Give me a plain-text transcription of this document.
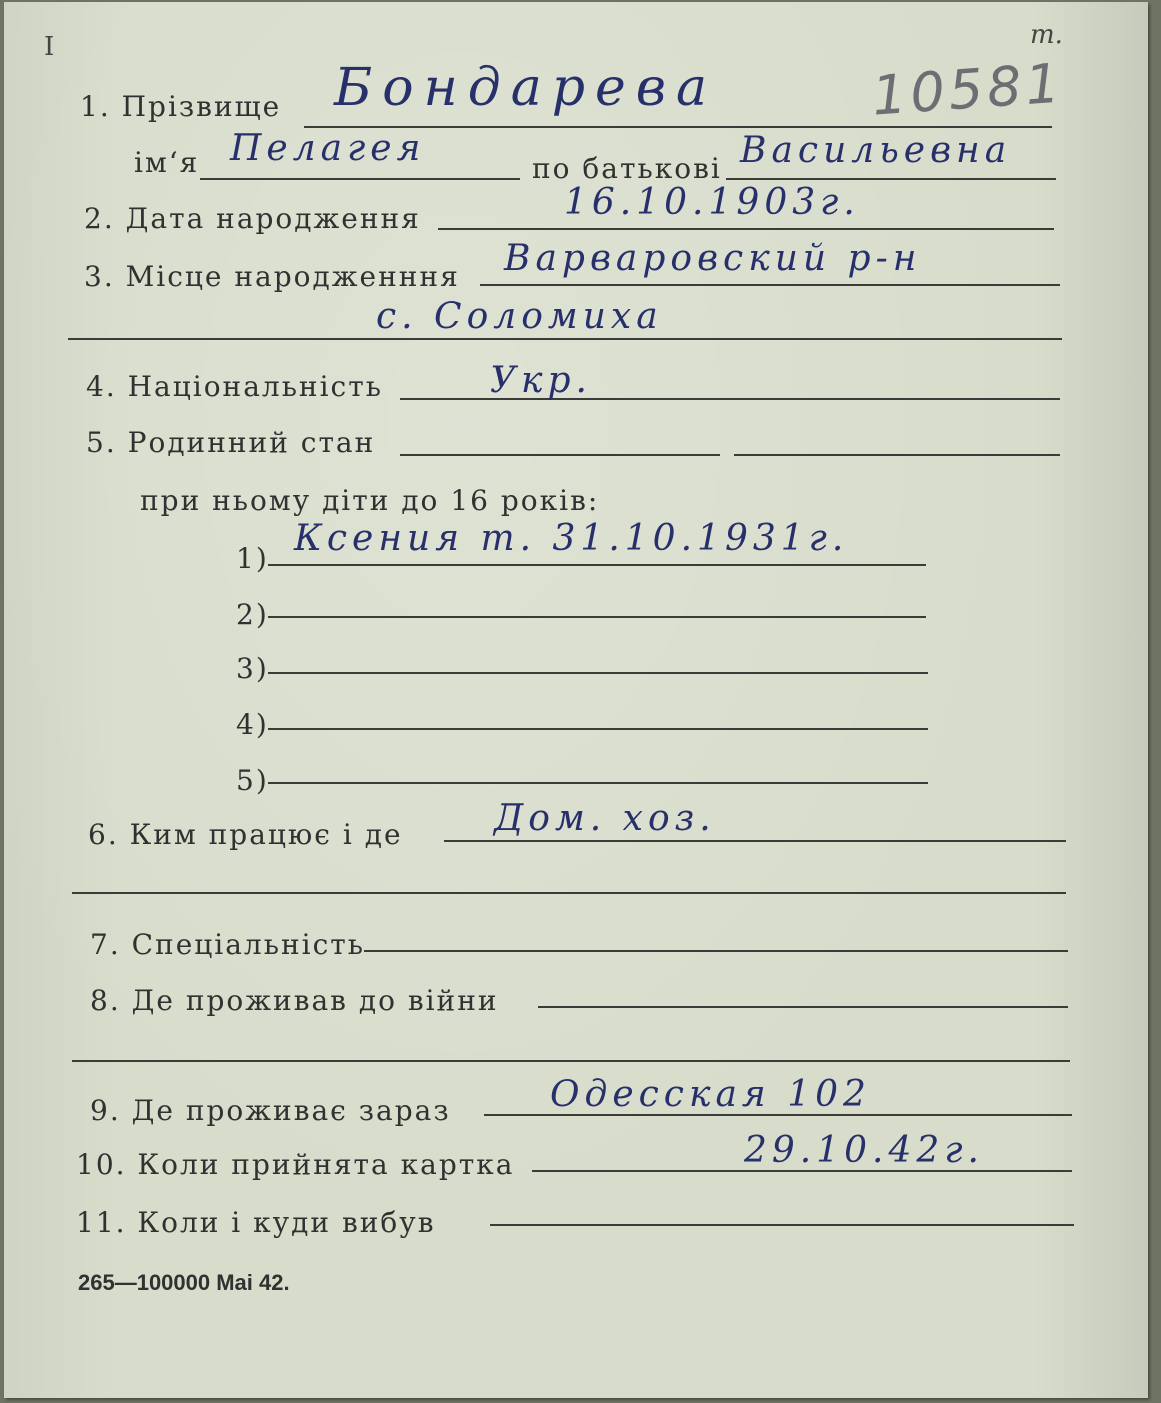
I	m.
10581
1. Прізвище Бондарева
ім‘я Пелагея	по батькові Васильевна
2. Дата народження	16.10.1903г.
3. Місце народженння Варваровский р-н
с. Соломиха
4. Національність	Укр.
5. Родинний стан
при ньому діти до 16 років:
1) Ксения т. 31.10.1931г.
2)
3)
4)
5)
6. Ким працює і де	Дом. хоз.
7. Спеціальність
8. Де проживав до війни
9. Де проживає зараз	Одесская 102
10. Коли прийнята картка	29.10.42г.
11. Коли і куди вибув
265—100000 Mai 42.
